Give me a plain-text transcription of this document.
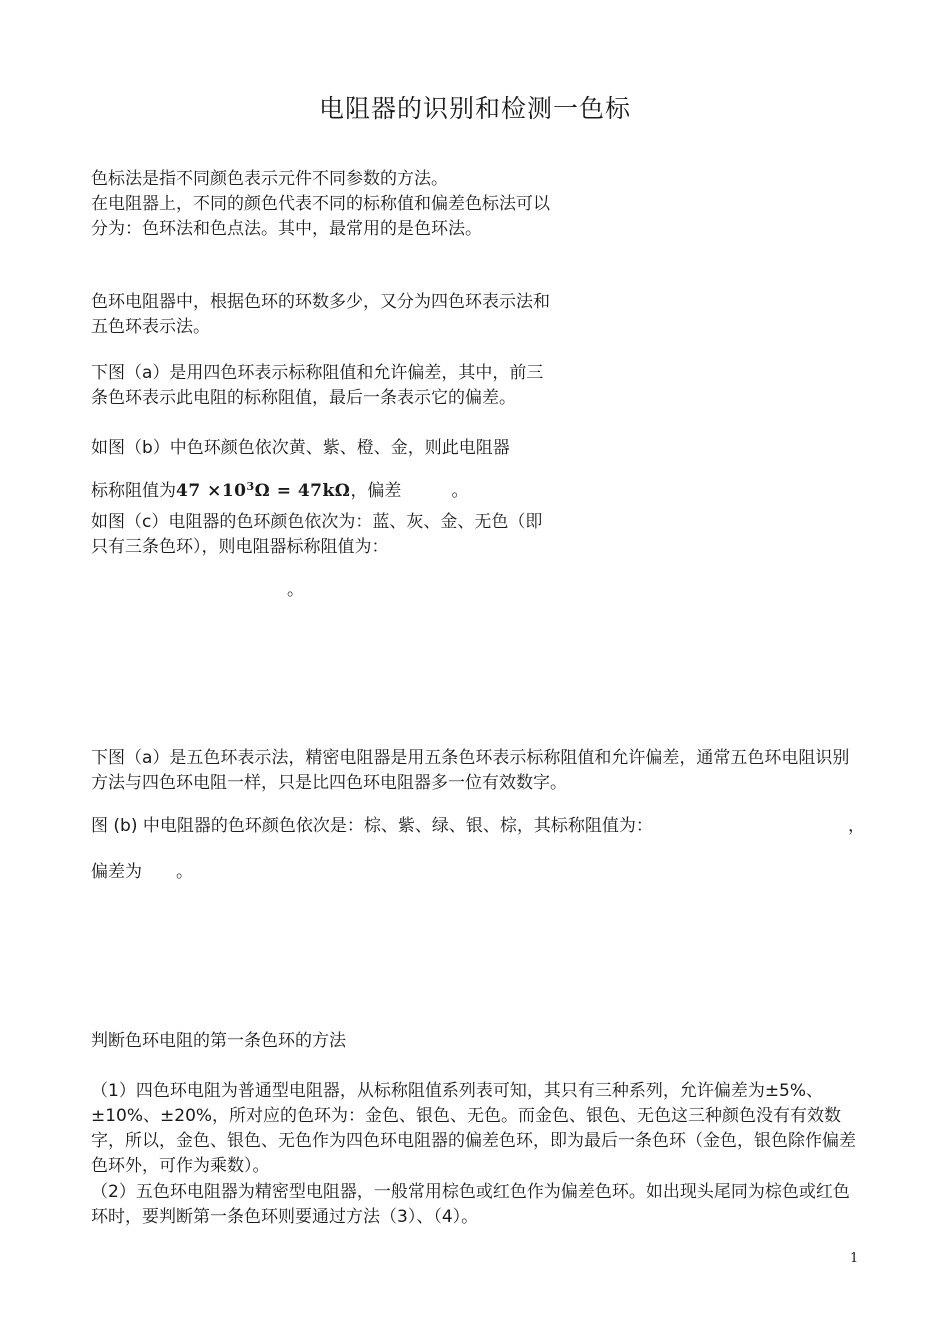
电阻器的识别和检测一色标

色标法是指不同颜色表示元件不同参数的方法。

在电阻器上，不同的颜色代表不同的标称值和偏差色标法可以分为：色环法和色点法。其中，最常用的是色环法。

色环电阻器中，根据色环的环数多少，又分为四色环表示法和五色环表示法。

下图（a）是用四色环表示标称阻值和允许偏差，其中，前三条色环表示此电阻的标称阻值，最后一条表示它的偏差。

如图（b）中色环颜色依次黄、紫、橙、金，则此电阻器

标称阻值为$47 \times 10^3\Omega = 47k\Omega$，偏差	。

如图（c）电阻器的色环颜色依次为：蓝、灰、金、无色（即只有三条色环），则电阻器标称阻值为：

。

下图（a）是五色环表示法，精密电阻器是用五条色环表示标称阻值和允许偏差，通常五色环电阻识别方法与四色环电阻一样，只是比四色环电阻器多一位有效数字。

图 (b) 中电阻器的色环颜色依次是：棕、紫、绿、银、棕，其标称阻值为：	，

偏差为 。

判断色环电阻的第一条色环的方法

（1）四色环电阻为普通型电阻器，从标称阻值系列表可知，其只有三种系列，允许偏差为±5%、±10%、±20%，所对应的色环为：金色、银色、无色。而金色、银色、无色这三种颜色没有有效数字，所以，金色、银色、无色作为四色环电阻器的偏差色环，即为最后一条色环（金色，银色除作偏差色环外，可作为乘数）。

（2）五色环电阻器为精密型电阻器，一般常用棕色或红色作为偏差色环。如出现头尾同为棕色或红色环时，要判断第一条色环则要通过方法（3）、（4）。

1
